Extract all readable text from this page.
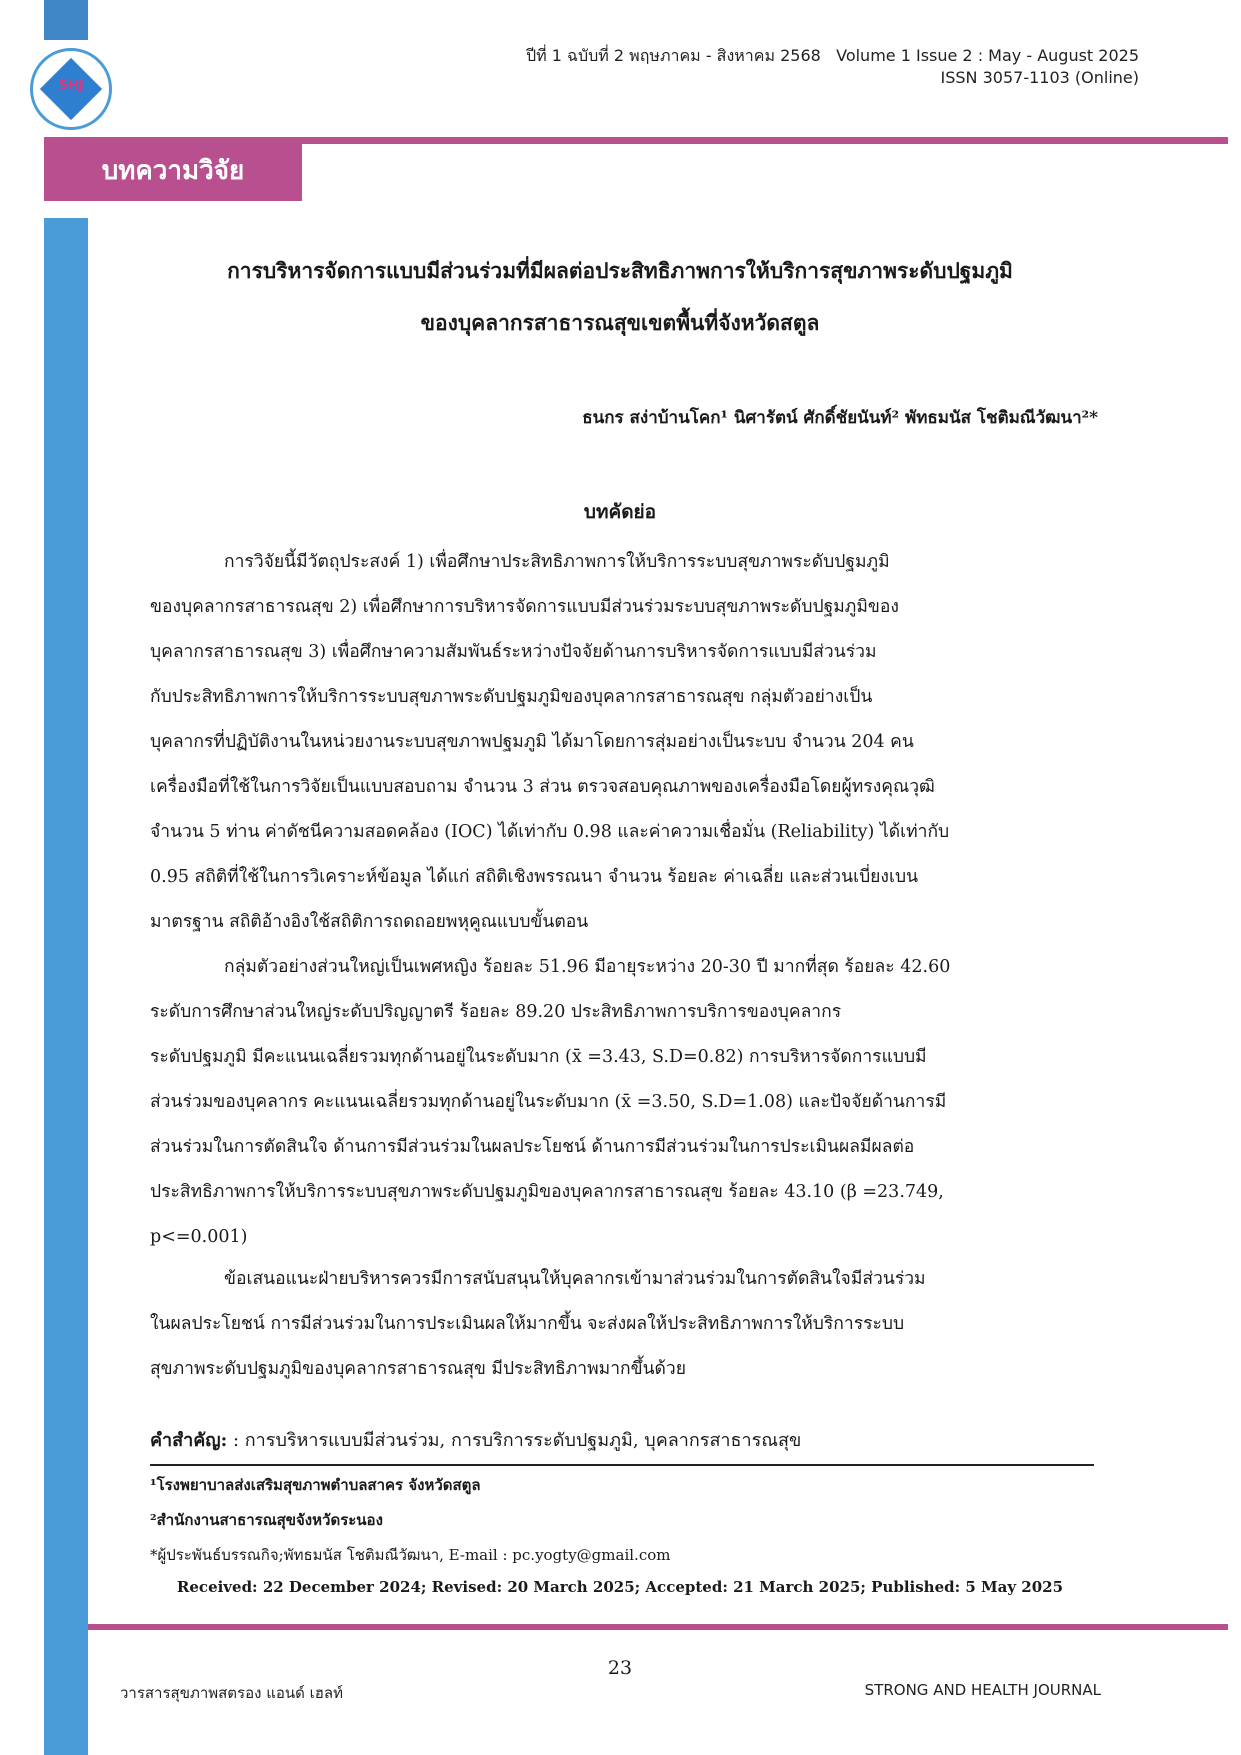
SHJ
ปีที่ 1 ฉบับที่ 2 พฤษภาคม - สิงหาคม 2568 Volume 1 Issue 2 : May - August 2025
ISSN 3057-1103 (Online)
บทความวิจัย
การบริหารจัดการแบบมีส่วนร่วมที่มีผลต่อประสิทธิภาพการให้บริการสุขภาพระดับปฐมภูมิ
ของบุคลากรสาธารณสุขเขตพื้นที่จังหวัดสตูล
ธนกร สง่าบ้านโคก¹ นิศารัตน์ ศักดิ์ชัยนันท์² พัทธมนัส โชติมณีวัฒนา²*
บทคัดย่อ
การวิจัยนี้มีวัตถุประสงค์ 1) เพื่อศึกษาประสิทธิภาพการให้บริการระบบสุขภาพระดับปฐมภูมิ
ของบุคลากรสาธารณสุข 2) เพื่อศึกษาการบริหารจัดการแบบมีส่วนร่วมระบบสุขภาพระดับปฐมภูมิของ
บุคลากรสาธารณสุข 3) เพื่อศึกษาความสัมพันธ์ระหว่างปัจจัยด้านการบริหารจัดการแบบมีส่วนร่วม
กับประสิทธิภาพการให้บริการระบบสุขภาพระดับปฐมภูมิของบุคลากรสาธารณสุข กลุ่มตัวอย่างเป็น
บุคลากรที่ปฏิบัติงานในหน่วยงานระบบสุขภาพปฐมภูมิ ได้มาโดยการสุ่มอย่างเป็นระบบ จำนวน 204 คน
เครื่องมือที่ใช้ในการวิจัยเป็นแบบสอบถาม จำนวน 3 ส่วน ตรวจสอบคุณภาพของเครื่องมือโดยผู้ทรงคุณวุฒิ
จำนวน 5 ท่าน ค่าดัชนีความสอดคล้อง (IOC) ได้เท่ากับ 0.98 และค่าความเชื่อมั่น (Reliability) ได้เท่ากับ
0.95 สถิติที่ใช้ในการวิเคราะห์ข้อมูล ได้แก่ สถิติเชิงพรรณนา จำนวน ร้อยละ ค่าเฉลี่ย และส่วนเบี่ยงเบน
มาตรฐาน สถิติอ้างอิงใช้สถิติการถดถอยพหุคูณแบบขั้นตอน
กลุ่มตัวอย่างส่วนใหญ่เป็นเพศหญิง ร้อยละ 51.96 มีอายุระหว่าง 20-30 ปี มากที่สุด ร้อยละ 42.60
ระดับการศึกษาส่วนใหญ่ระดับปริญญาตรี ร้อยละ 89.20 ประสิทธิภาพการบริการของบุคลากร
ระดับปฐมภูมิ มีคะแนนเฉลี่ยรวมทุกด้านอยู่ในระดับมาก (x̄ =3.43, S.D=0.82) การบริหารจัดการแบบมี
ส่วนร่วมของบุคลากร คะแนนเฉลี่ยรวมทุกด้านอยู่ในระดับมาก (x̄ =3.50, S.D=1.08) และปัจจัยด้านการมี
ส่วนร่วมในการตัดสินใจ ด้านการมีส่วนร่วมในผลประโยชน์ ด้านการมีส่วนร่วมในการประเมินผลมีผลต่อ
ประสิทธิภาพการให้บริการระบบสุขภาพระดับปฐมภูมิของบุคลากรสาธารณสุข ร้อยละ 43.10 (β =23.749,
p<=0.001)
ข้อเสนอแนะฝ่ายบริหารควรมีการสนับสนุนให้บุคลากรเข้ามาส่วนร่วมในการตัดสินใจมีส่วนร่วม
ในผลประโยชน์ การมีส่วนร่วมในการประเมินผลให้มากขึ้น จะส่งผลให้ประสิทธิภาพการให้บริการระบบ
สุขภาพระดับปฐมภูมิของบุคลากรสาธารณสุข มีประสิทธิภาพมากขึ้นด้วย
คำสำคัญ: : การบริหารแบบมีส่วนร่วม, การบริการระดับปฐมภูมิ, บุคลากรสาธารณสุข
¹โรงพยาบาลส่งเสริมสุขภาพตำบลสาคร จังหวัดสตูล
²สำนักงานสาธารณสุขจังหวัดระนอง
*ผู้ประพันธ์บรรณกิจ;พัทธมนัส โชติมณีวัฒนา, E-mail : pc.yogty@gmail.com
Received: 22 December 2024; Revised: 20 March 2025; Accepted: 21 March 2025; Published: 5 May 2025
23
วารสารสุขภาพสตรอง แอนด์ เฮลท์	STRONG AND HEALTH JOURNAL
